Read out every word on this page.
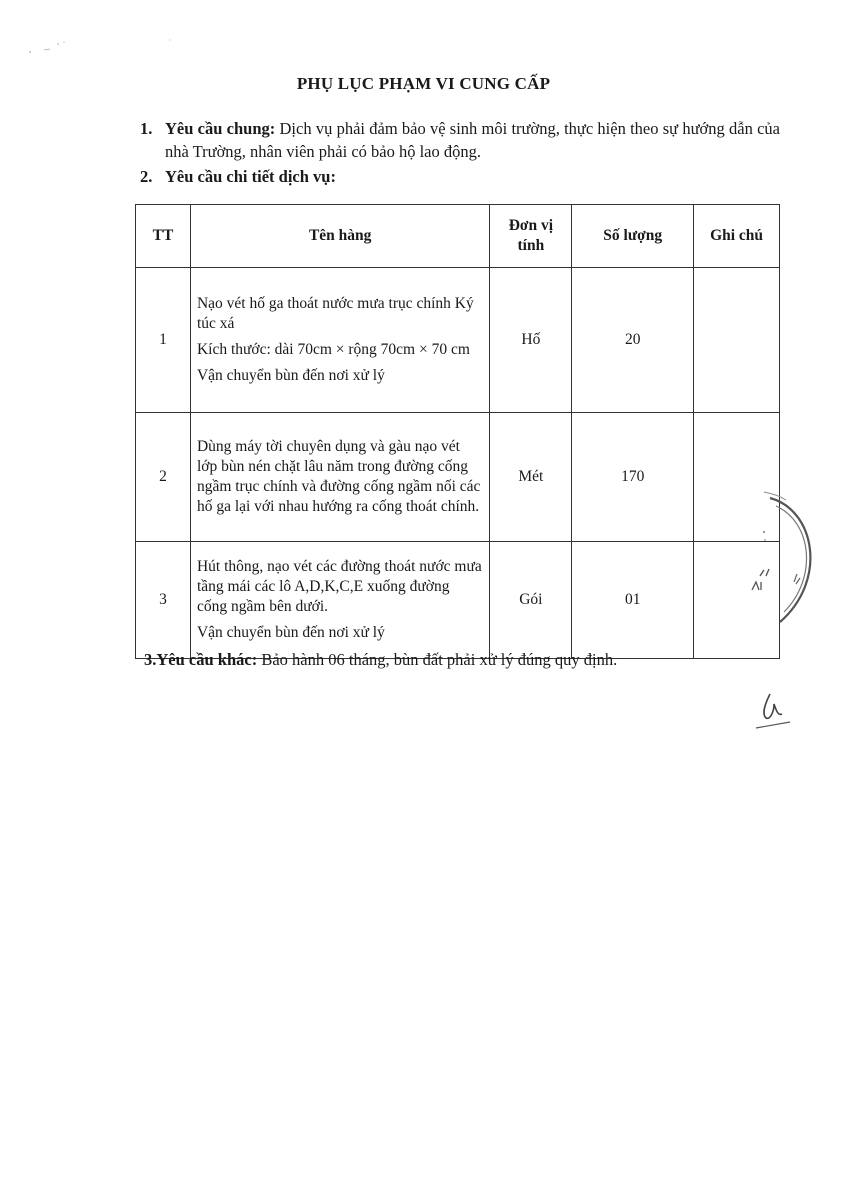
PHỤ LỤC PHẠM VI CUNG CẤP
1. Yêu cầu chung: Dịch vụ phải đảm bảo vệ sinh môi trường, thực hiện theo sự hướng dẫn của nhà Trường, nhân viên phải có bảo hộ lao động.
2. Yêu cầu chi tiết dịch vụ:
TT	Tên hàng	Đơn vị tính	Số lượng	Ghi chú
1	Nạo vét hố ga thoát nước mưa trục chính Ký túc xá

Kích thước: dài 70cm × rộng 70cm × 70 cm

Vận chuyển bùn đến nơi xử lý	Hố	20	
2	Dùng máy tời chuyên dụng và gàu nạo vét lớp bùn nén chặt lâu năm trong đường cống ngầm trục chính và đường cống ngầm nối các hố ga lại với nhau hướng ra cống thoát chính.	Mét	170	
3	Hút thông, nạo vét các đường thoát nước mưa tầng mái các lô A,D,K,C,E xuống đường cống ngầm bên dưới.

Vận chuyển bùn đến nơi xử lý	Gói	01	
3.Yêu cầu khác: Bảo hành 06 tháng, bùn đất phải xử lý đúng quy định.
